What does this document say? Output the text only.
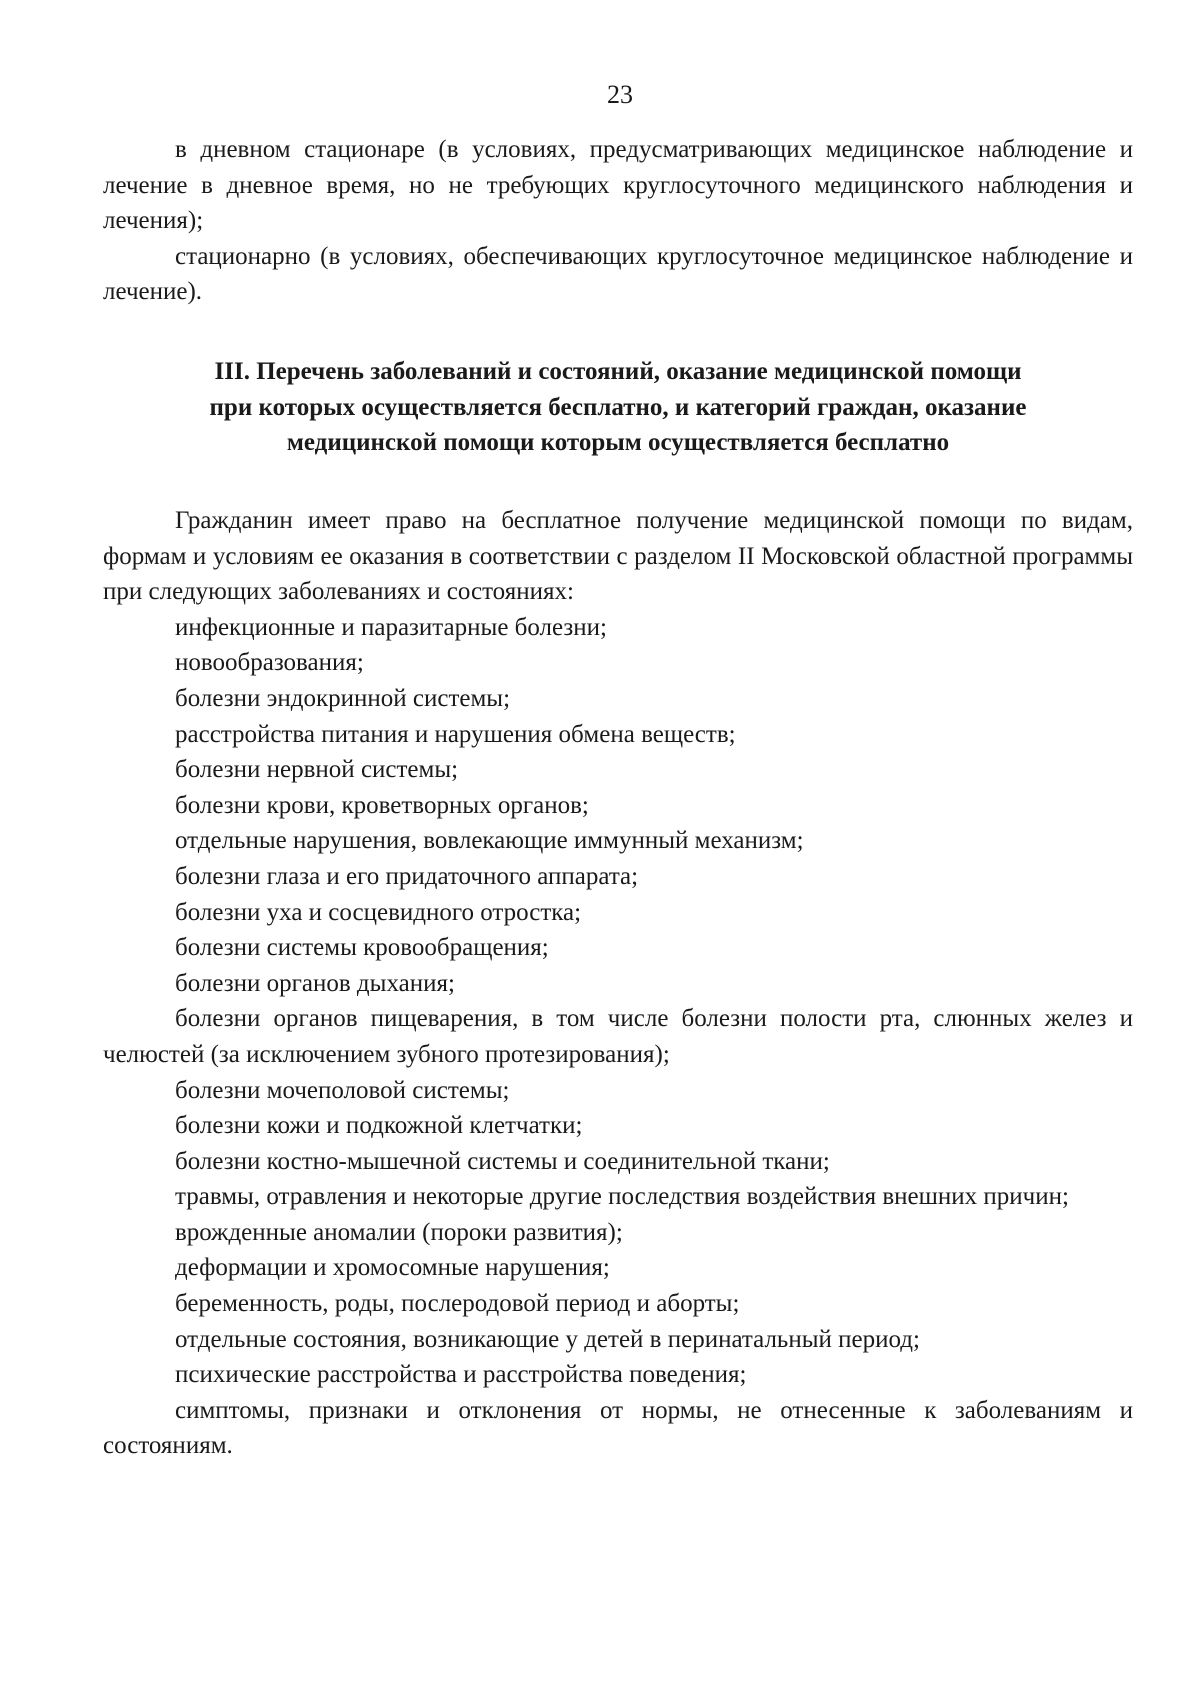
23

в дневном стационаре (в условиях, предусматривающих медицинское наблюдение и лечение в дневное время, но не требующих круглосуточного медицинского наблюдения и лечения);

стационарно (в условиях, обеспечивающих круглосуточное медицинское наблюдение и лечение).

III. Перечень заболеваний и состояний, оказание медицинской помощи
при которых осуществляется бесплатно, и категорий граждан, оказание
медицинской помощи которым осуществляется бесплатно

Гражданин имеет право на бесплатное получение медицинской помощи по видам, формам и условиям ее оказания в соответствии с разделом II Московской областной программы при следующих заболеваниях и состояниях:

инфекционные и паразитарные болезни;
новообразования;
болезни эндокринной системы;
расстройства питания и нарушения обмена веществ;
болезни нервной системы;
болезни крови, кроветворных органов;
отдельные нарушения, вовлекающие иммунный механизм;
болезни глаза и его придаточного аппарата;
болезни уха и сосцевидного отростка;
болезни системы кровообращения;
болезни органов дыхания;
болезни органов пищеварения, в том числе болезни полости рта, слюнных желез и челюстей (за исключением зубного протезирования);
болезни мочеполовой системы;
болезни кожи и подкожной клетчатки;
болезни костно-мышечной системы и соединительной ткани;
травмы, отравления и некоторые другие последствия воздействия внешних причин;
врожденные аномалии (пороки развития);
деформации и хромосомные нарушения;
беременность, роды, послеродовой период и аборты;
отдельные состояния, возникающие у детей в перинатальный период;
психические расстройства и расстройства поведения;
симптомы, признаки и отклонения от нормы, не отнесенные к заболеваниям и состояниям.
